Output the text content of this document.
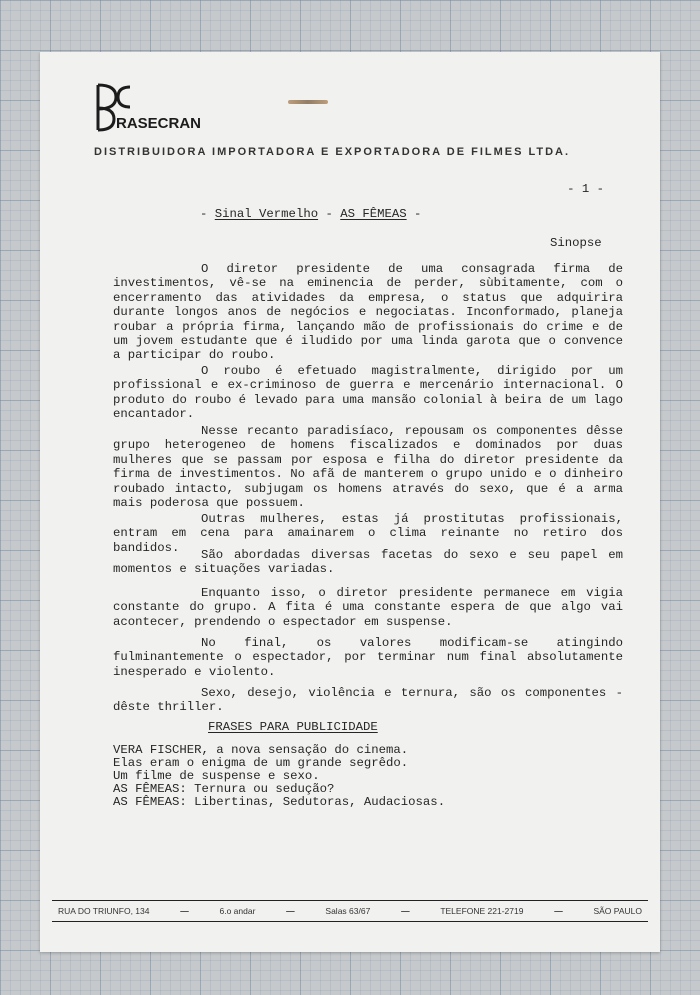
RASECRAN
DISTRIBUIDORA IMPORTADORA E EXPORTADORA DE FILMES LTDA.
- 1 -
- Sinal Vermelho - AS FÊMEAS -
Sinopse

O diretor presidente de uma consagrada firma de investimentos, vê-se na eminencia de perder, sùbitamente, com o encerramento das atividades da empresa, o status que adquirira durante longos anos de negócios e negociatas. Inconformado, planeja roubar a própria firma, lançando mão de profissionais do crime e de um jovem estudante que é iludido por uma linda garota que o convence a participar do roubo.

O roubo é efetuado magistralmente, dirigido por um profissional e ex-criminoso de guerra e mercenário internacional. O produto do roubo é levado para uma mansão colonial à beira de um lago encantador.

Nesse recanto paradisíaco, repousam os componentes dêsse grupo heterogeneo de homens fiscalizados e dominados por duas mulheres que se passam por esposa e filha do diretor presidente da firma de investimentos. No afã de manterem o grupo unido e o dinheiro roubado intacto, subjugam os homens através do sexo, que é a arma mais poderosa que possuem.

Outras mulheres, estas já prostitutas profissionais, entram em cena para amainarem o clima reinante no retiro dos bandidos.

São abordadas diversas facetas do sexo e seu papel em momentos e situações variadas.

Enquanto isso, o diretor presidente permanece em vigia constante do grupo. A fita é uma constante espera de que algo vai acontecer, prendendo o espectador em suspense.

No final, os valores modificam-se atingindo fulminantemente o espectador, por terminar num final absolutamente inesperado e violento.

Sexo, desejo, violência e ternura, são os componentes - dêste thriller.

FRASES PARA PUBLICIDADE
VERA FISCHER, a nova sensação do cinema.
Elas eram o enigma de um grande segrêdo.
Um filme de suspense e sexo.
AS FÊMEAS: Ternura ou sedução?
AS FÊMEAS: Libertinas, Sedutoras, Audaciosas.
RUA DO TRIUNFO, 134	—	6.o andar	—	Salas 63/67	—	TELEFONE 221-2719	—	SÃO PAULO
